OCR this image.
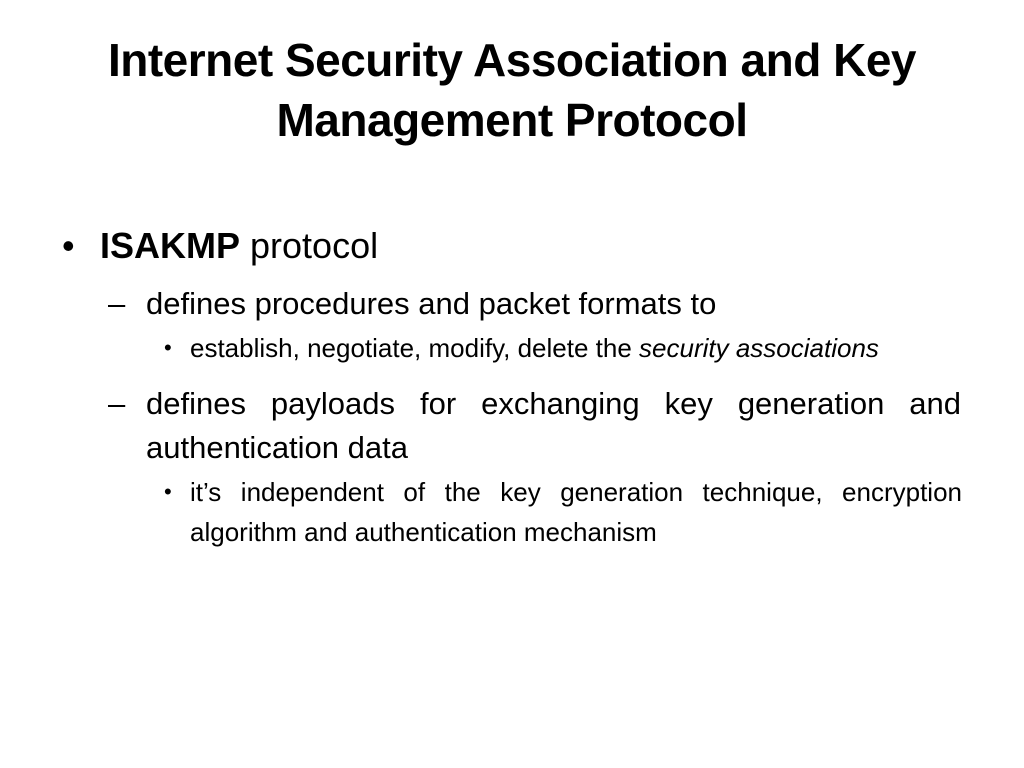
Internet Security Association and Key
Management Protocol
• ISAKMP protocol
– defines procedures and packet formats to
• establish, negotiate, modify, delete the security associations
– defines payloads for exchanging key generation and authentication data
• it’s independent of the key generation technique, encryption algorithm and authentication mechanism
